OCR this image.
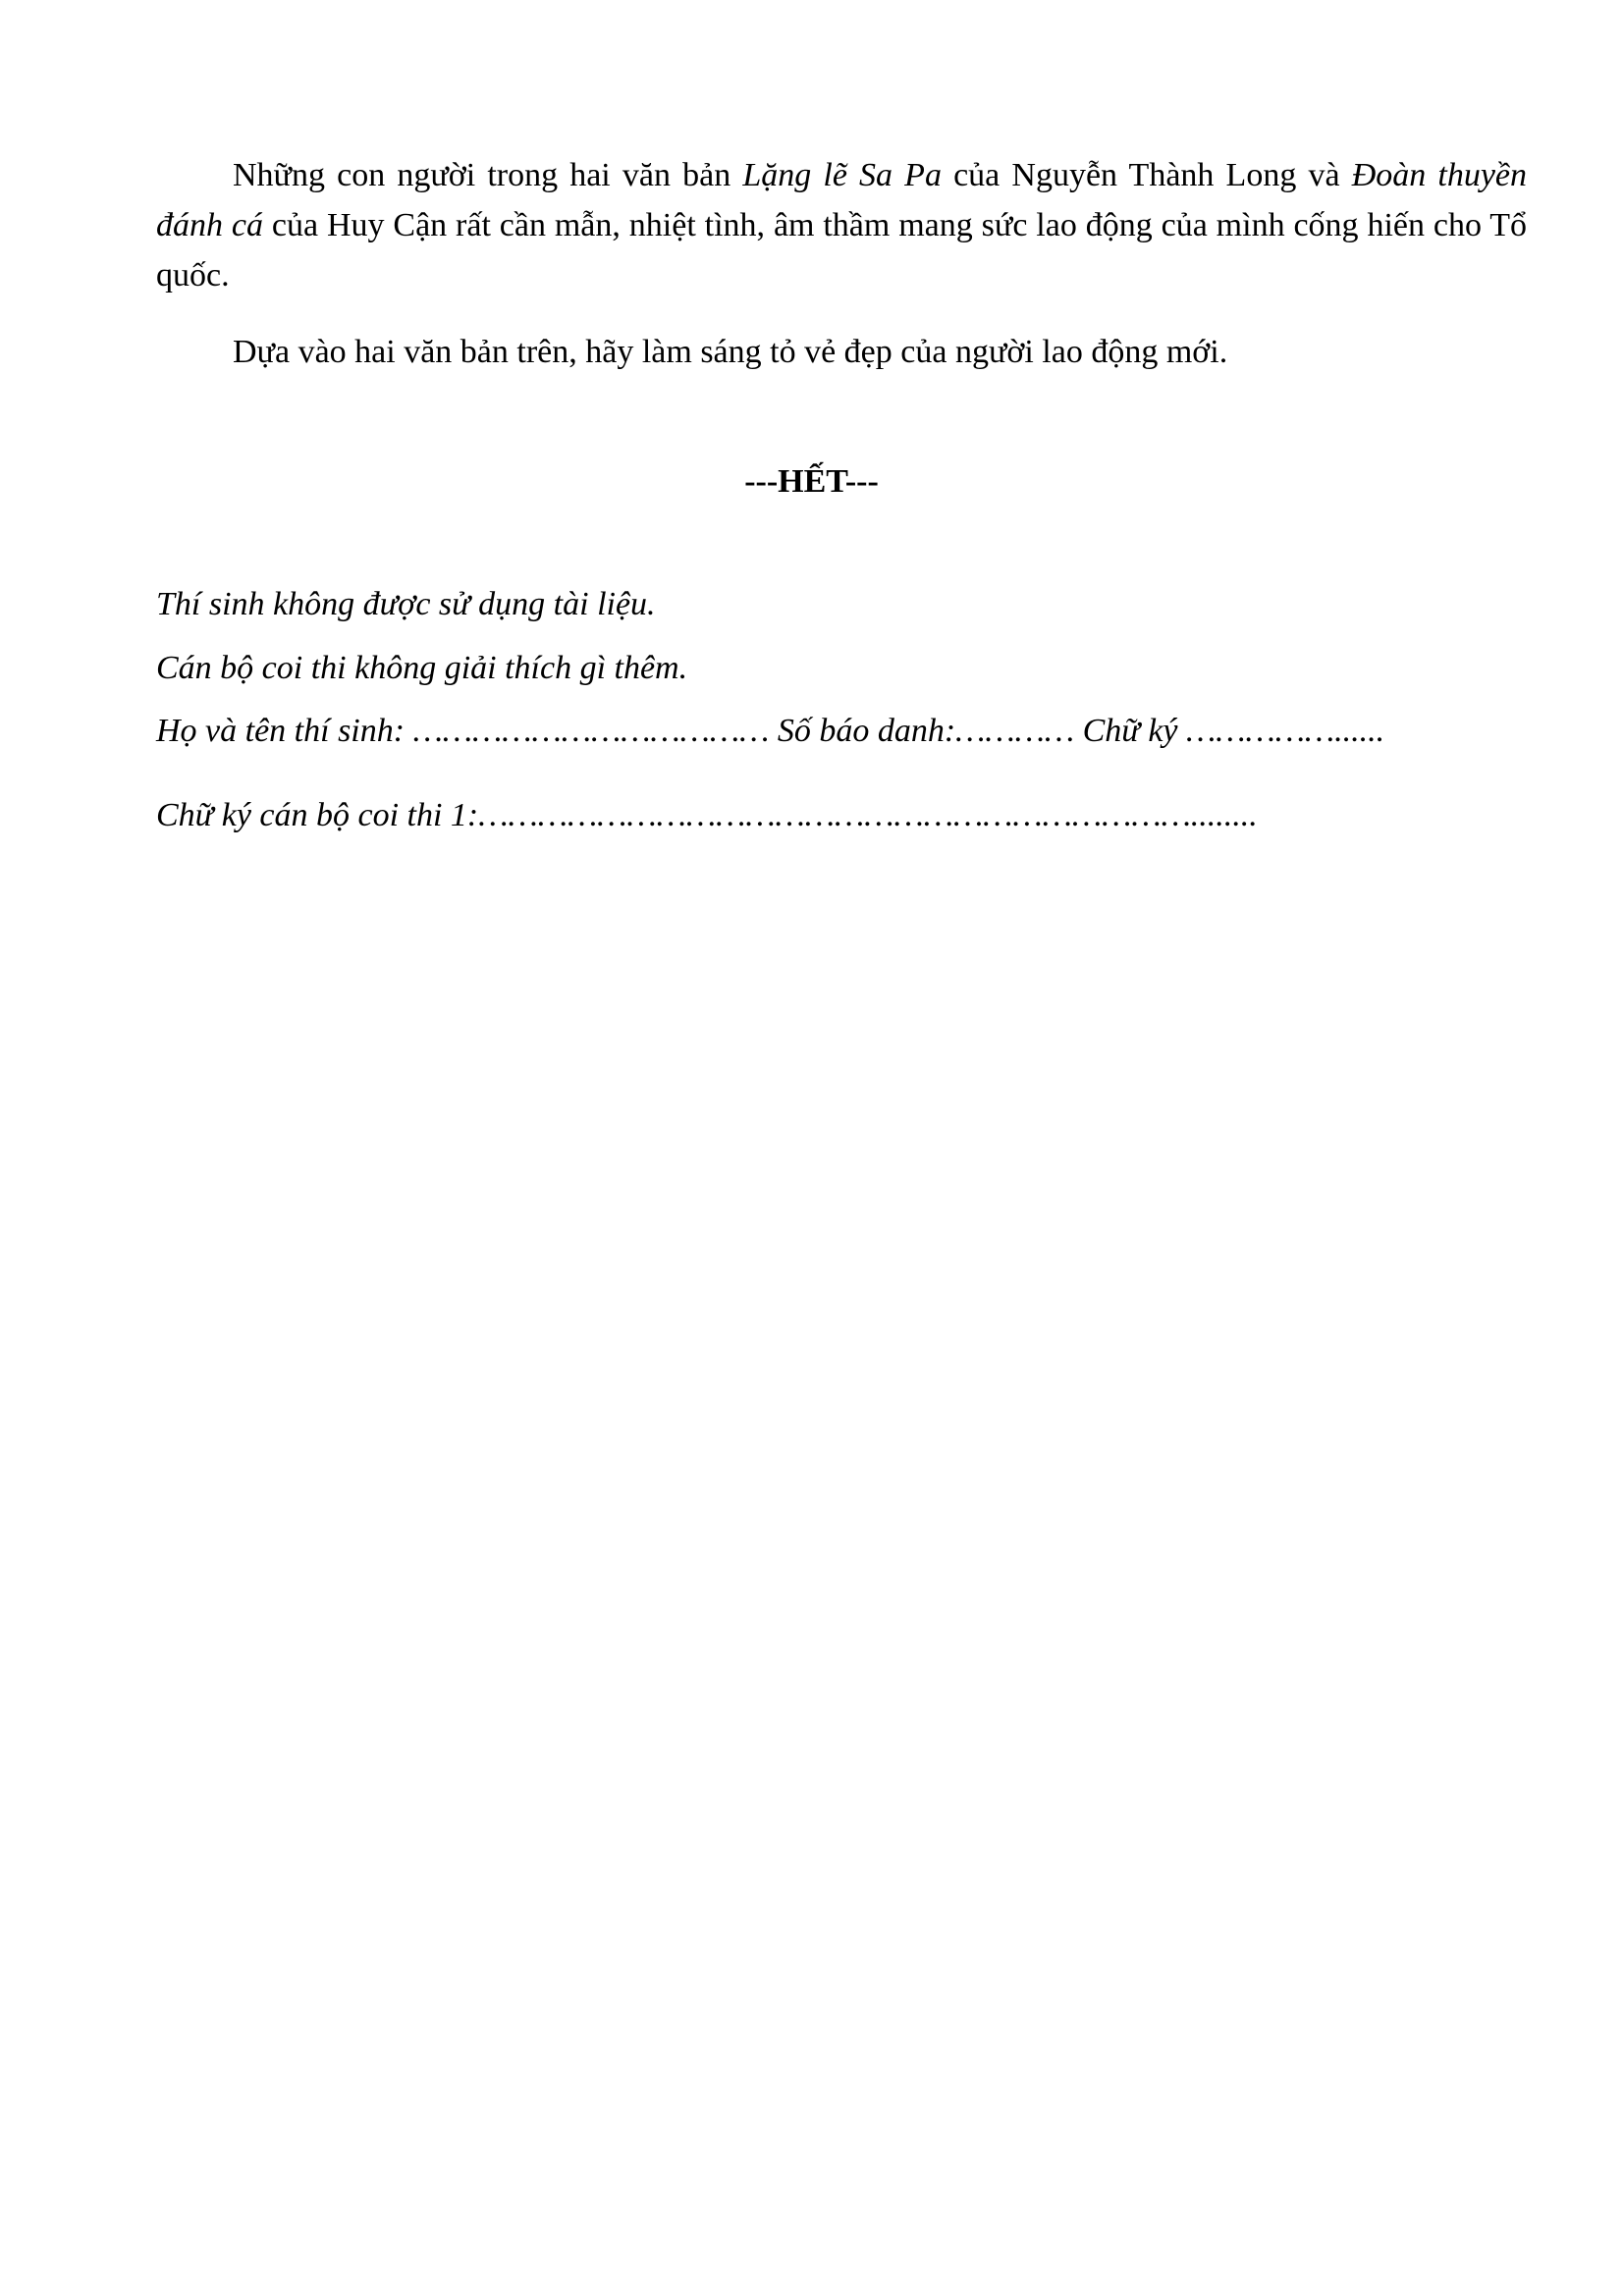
Những con người trong hai văn bản Lặng lẽ Sa Pa của Nguyễn Thành Long và Đoàn thuyền đánh cá của Huy Cận rất cần mẫn, nhiệt tình, âm thầm mang sức lao động của mình cống hiến cho Tổ quốc.

Dựa vào hai văn bản trên, hãy làm sáng tỏ vẻ đẹp của người lao động mới.

---HẾT---

Thí sinh không được sử dụng tài liệu.

Cán bộ coi thi không giải thích gì thêm.

Họ và tên thí sinh: ……………………………… Số báo danh:………… Chữ ký ……………......

Chữ ký cán bộ coi thi 1:………………………………………………………………........
